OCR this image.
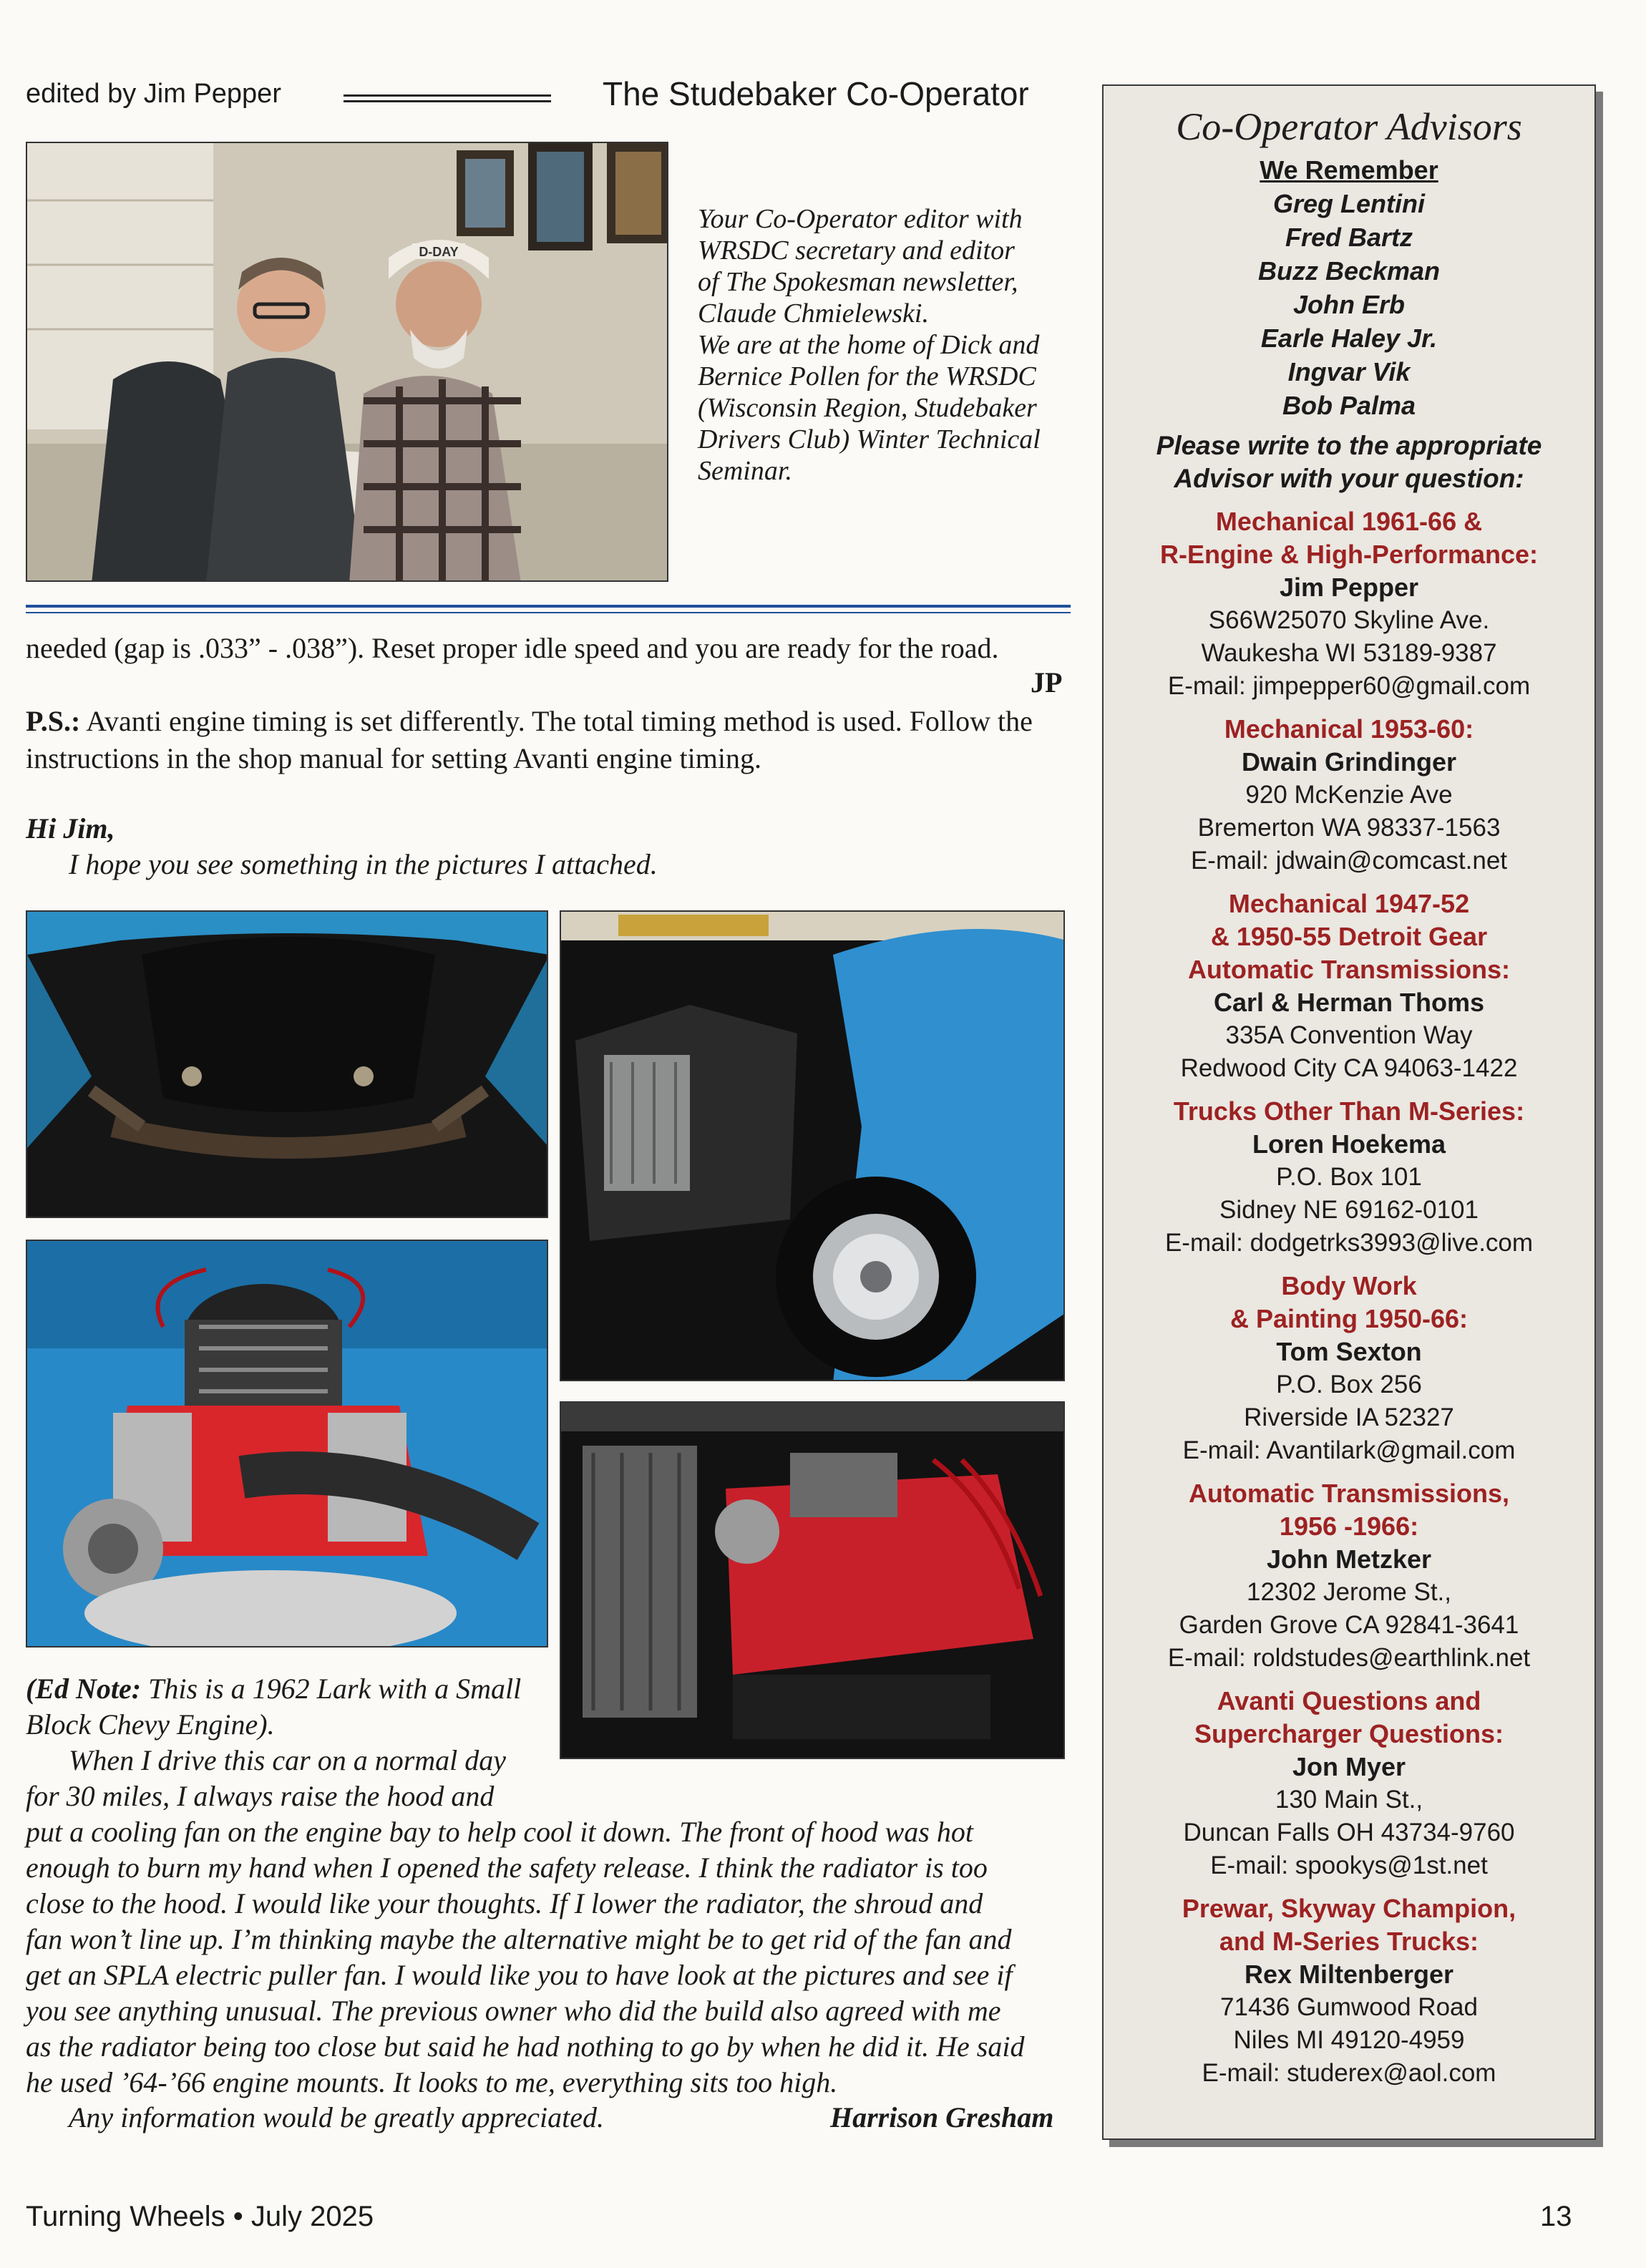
edited by Jim Pepper	The Studebaker Co-Operator
D-DAY
Your Co-Operator editor with
WRSDC secretary and editor
of The Spokesman newsletter,
Claude Chmielewski.
We are at the home of Dick and
Bernice Pollen for the WRSDC
(Wisconsin Region, Studebaker
Drivers Club) Winter Technical
Seminar.
needed (gap is .033” - .038”). Reset proper idle speed and you are ready for the road.
JP
P.S.: Avanti engine timing is set differently. The total timing method is used. Follow the instructions in the shop manual for setting Avanti engine timing.
Hi Jim,
I hope you see something in the pictures I attached.
(Ed Note: This is a 1962 Lark with a Small Block Chevy Engine).
When I drive this car on a normal day
for 30 miles, I always raise the hood and
put a cooling fan on the engine bay to help cool it down. The front of hood was hot
enough to burn my hand when I opened the safety release. I think the radiator is too
close to the hood. I would like your thoughts. If I lower the radiator, the shroud and
fan won’t line up. I’m thinking maybe the alternative might be to get rid of the fan and
get an SPLA electric puller fan. I would like you to have look at the pictures and see if
you see anything unusual. The previous owner who did the build also agreed with me
as the radiator being too close but said he had nothing to go by when he did it. He said
he used ’64-’66 engine mounts. It looks to me, everything sits too high.
Any information would be greatly appreciated.	Harrison Gresham
Turning Wheels • July 2025	13
Co-Operator Advisors
We Remember
Greg Lentini
Fred Bartz
Buzz Beckman
John Erb
Earle Haley Jr.
Ingvar Vik
Bob Palma
Please write to the appropriate
Advisor with your question:
Mechanical 1961-66 &
R-Engine & High-Performance:
Jim Pepper
S66W25070 Skyline Ave.
Waukesha WI 53189-9387
E-mail: jimpepper60@gmail.com
Mechanical 1953-60:
Dwain Grindinger
920 McKenzie Ave
Bremerton WA 98337-1563
E-mail: jdwain@comcast.net
Mechanical 1947-52
& 1950-55 Detroit Gear
Automatic Transmissions:
Carl & Herman Thoms
335A Convention Way
Redwood City CA 94063-1422
Trucks Other Than M-Series:
Loren Hoekema
P.O. Box 101
Sidney NE 69162-0101
E-mail: dodgetrks3993@live.com
Body Work
& Painting 1950-66:
Tom Sexton
P.O. Box 256
Riverside IA 52327
E-mail: Avantilark@gmail.com
Automatic Transmissions,
1956 -1966:
John Metzker
12302 Jerome St.,
Garden Grove CA 92841-3641
E-mail: roldstudes@earthlink.net
Avanti Questions and
Supercharger Questions:
Jon Myer
130 Main St.,
Duncan Falls OH 43734-9760
E-mail: spookys@1st.net
Prewar, Skyway Champion,
and M-Series Trucks:
Rex Miltenberger
71436 Gumwood Road
Niles MI 49120-4959
E-mail: studerex@aol.com
